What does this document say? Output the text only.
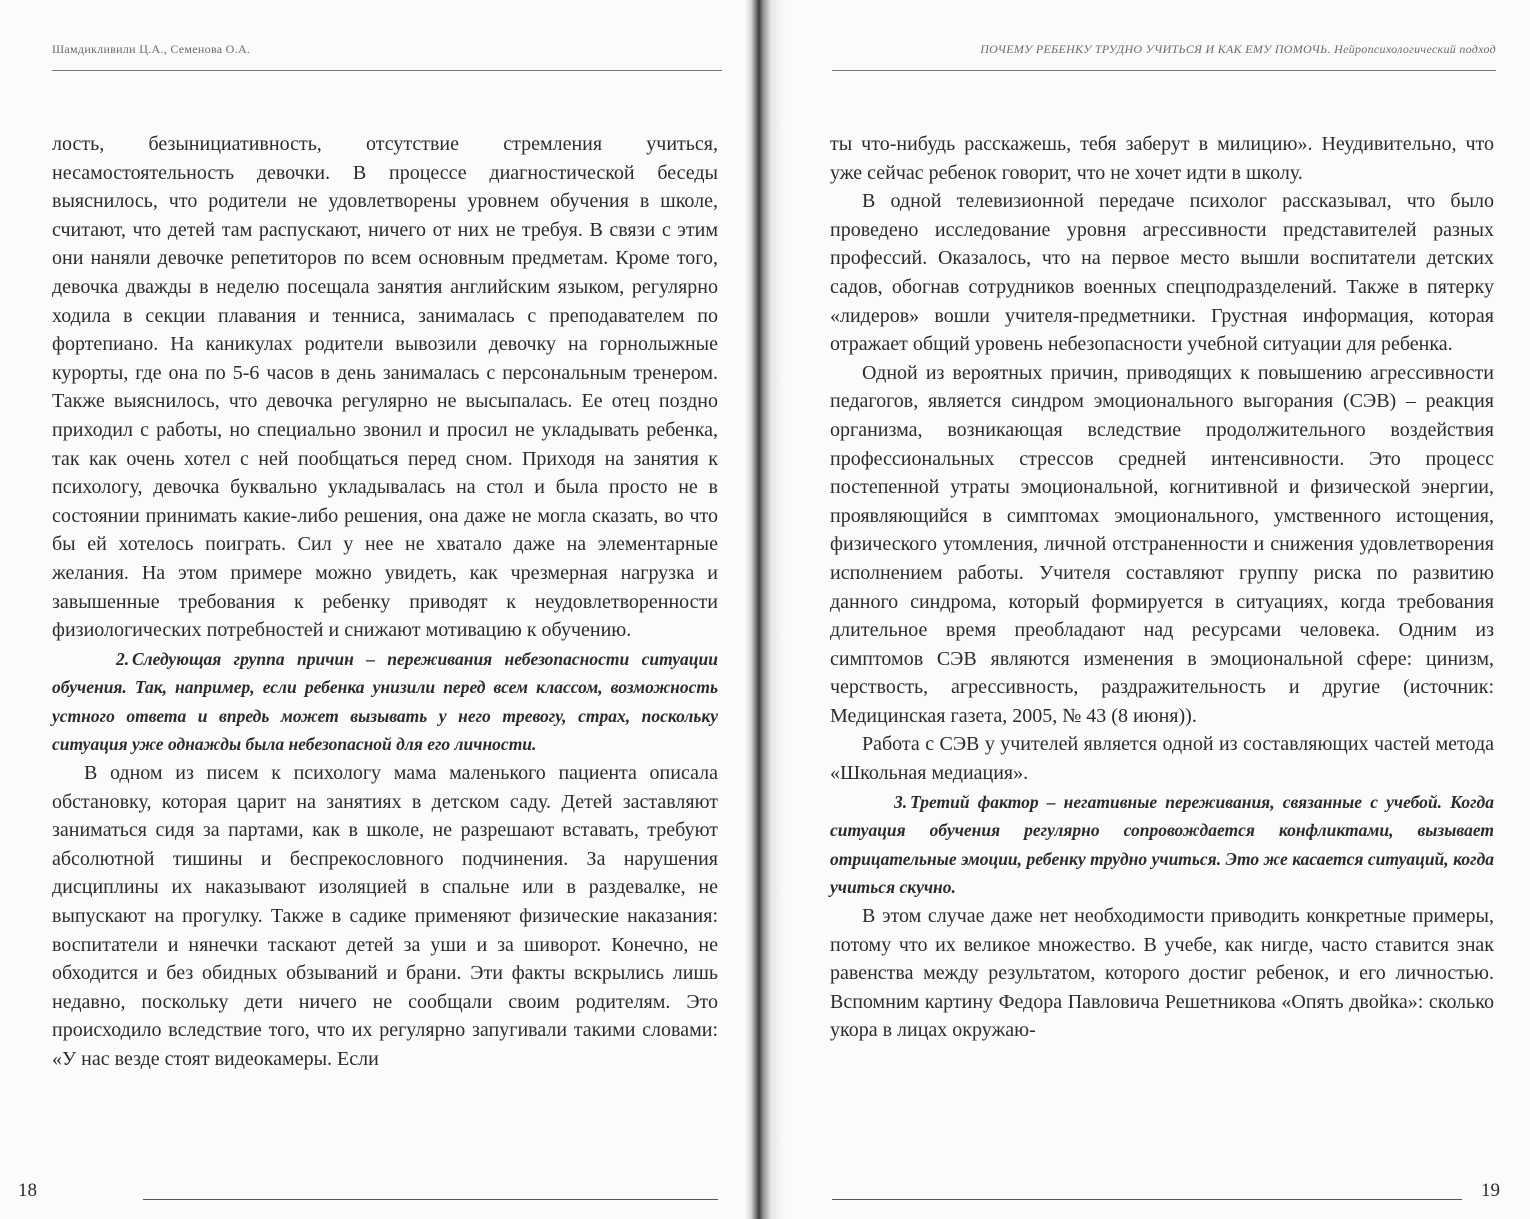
Шамдикливили Ц.А., Семенова О.А.

лость, безынициативность, отсутствие стремления учиться, несамостоятельность девочки. В процессе диагностической беседы выяснилось, что родители не удовлетворены уровнем обучения в школе, считают, что детей там распускают, ничего от них не требуя. В связи с этим они наняли девочке репетиторов по всем основным предметам. Кроме того, девочка дважды в неделю посещала занятия английским языком, регулярно ходила в секции плавания и тенниса, занималась с преподавателем по фортепиано. На каникулах родители вывозили девочку на горнолыжные курорты, где она по 5-6 часов в день занималась с персональным тренером. Также выяснилось, что девочка регулярно не высыпалась. Ее отец поздно приходил с работы, но специально звонил и просил не укладывать ребенка, так как очень хотел с ней пообщаться перед сном. Приходя на занятия к психологу, девочка буквально укладывалась на стол и была просто не в состоянии принимать какие-либо решения, она даже не могла сказать, во что бы ей хотелось поиграть. Сил у нее не хватало даже на элементарные желания. На этом примере можно увидеть, как чрезмерная нагрузка и завышенные требования к ребенку приводят к неудовлетворенности физиологических потребностей и снижают мотивацию к обучению.

2. Следующая группа причин – переживания небезопасности ситуации обучения. Так, например, если ребенка унизили перед всем классом, возможность устного ответа и впредь может вызывать у него тревогу, страх, поскольку ситуация уже однажды была небезопасной для его личности.

В одном из писем к психологу мама маленького пациента описала обстановку, которая царит на занятиях в детском саду. Детей заставляют заниматься сидя за партами, как в школе, не разрешают вставать, требуют абсолютной тишины и беспрекословного подчинения. За нарушения дисциплины их наказывают изоляцией в спальне или в раздевалке, не выпускают на прогулку. Также в садике применяют физические наказания: воспитатели и нянечки таскают детей за уши и за шиворот. Конечно, не обходится и без обидных обзываний и брани. Эти факты вскрылись лишь недавно, поскольку дети ничего не сообщали своим родителям. Это происходило вследствие того, что их регулярно запугивали такими словами: «У нас везде стоят видеокамеры. Если

18
ПОЧЕМУ РЕБЕНКУ ТРУДНО УЧИТЬСЯ И КАК ЕМУ ПОМОЧЬ. Нейропсихологический подход

ты что-нибудь расскажешь, тебя заберут в милицию». Неудивительно, что уже сейчас ребенок говорит, что не хочет идти в школу.

В одной телевизионной передаче психолог рассказывал, что было проведено исследование уровня агрессивности представителей разных профессий. Оказалось, что на первое место вышли воспитатели детских садов, обогнав сотрудников военных спецподразделений. Также в пятерку «лидеров» вошли учителя-предметники. Грустная информация, которая отражает общий уровень небезопасности учебной ситуации для ребенка.

Одной из вероятных причин, приводящих к повышению агрессивности педагогов, является синдром эмоционального выгорания (СЭВ) – реакция организма, возникающая вследствие продолжительного воздействия профессиональных стрессов средней интенсивности. Это процесс постепенной утраты эмоциональной, когнитивной и физической энергии, проявляющийся в симптомах эмоционального, умственного истощения, физического утомления, личной отстраненности и снижения удовлетворения исполнением работы. Учителя составляют группу риска по развитию данного синдрома, который формируется в ситуациях, когда требования длительное время преобладают над ресурсами человека. Одним из симптомов СЭВ являются изменения в эмоциональной сфере: цинизм, черствость, агрессивность, раздражительность и другие (источник: Медицинская газета, 2005, № 43 (8 июня)).

Работа с СЭВ у учителей является одной из составляющих частей метода «Школьная медиация».

3. Третий фактор – негативные переживания, связанные с учебой. Когда ситуация обучения регулярно сопровождается конфликтами, вызывает отрицательные эмоции, ребенку трудно учиться. Это же касается ситуаций, когда учиться скучно.

В этом случае даже нет необходимости приводить конкретные примеры, потому что их великое множество. В учебе, как нигде, часто ставится знак равенства между результатом, которого достиг ребенок, и его личностью. Вспомним картину Федора Павловича Решетникова «Опять двойка»: сколько укора в лицах окружаю-

19
